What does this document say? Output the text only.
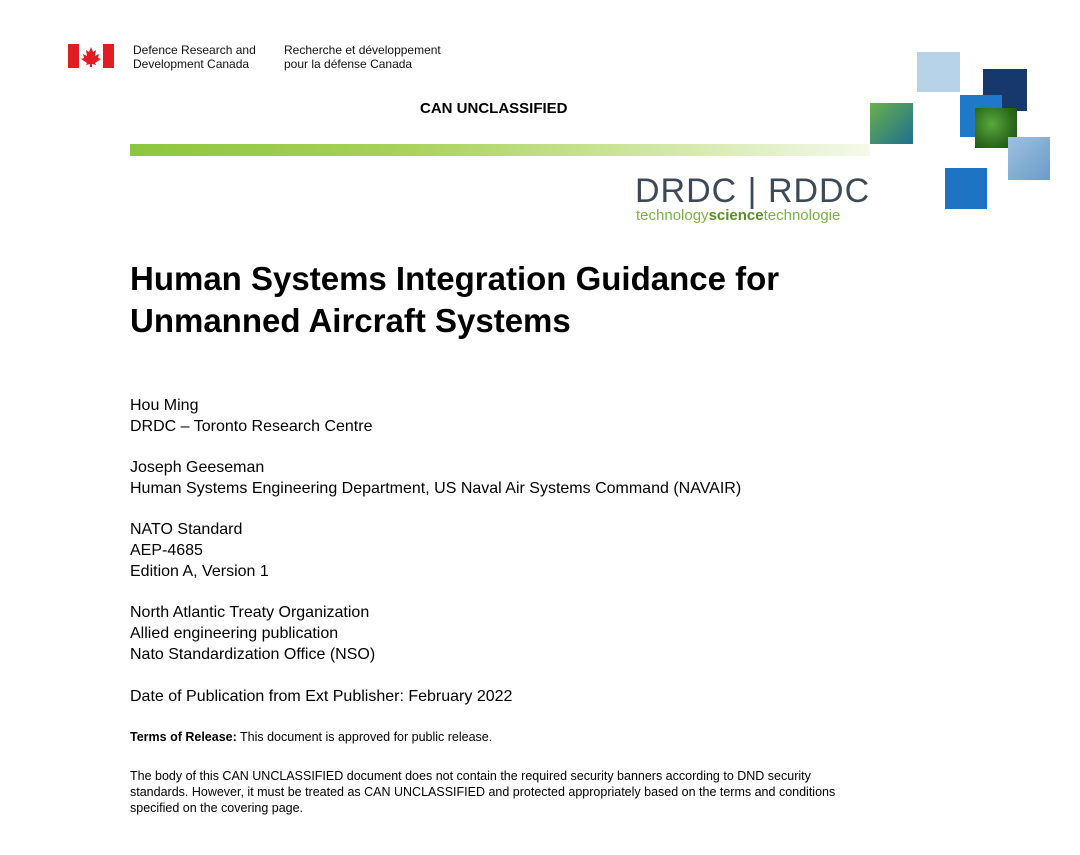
Defence Research and
Development Canada
Recherche et développement
pour la défense Canada
CAN UNCLASSIFIED
DRDC | RDDC
technologysciencetechnologie
Human Systems Integration Guidance for
Unmanned Aircraft Systems
Hou Ming
DRDC – Toronto Research Centre
Joseph Geeseman
Human Systems Engineering Department, US Naval Air Systems Command (NAVAIR)
NATO Standard
AEP-4685
Edition A, Version 1
North Atlantic Treaty Organization
Allied engineering publication
Nato Standardization Office (NSO)
Date of Publication from Ext Publisher: February 2022
Terms of Release: This document is approved for public release.
The body of this CAN UNCLASSIFIED document does not contain the required security banners according to DND security
standards. However, it must be treated as CAN UNCLASSIFIED and protected appropriately based on the terms and conditions
specified on the covering page.
